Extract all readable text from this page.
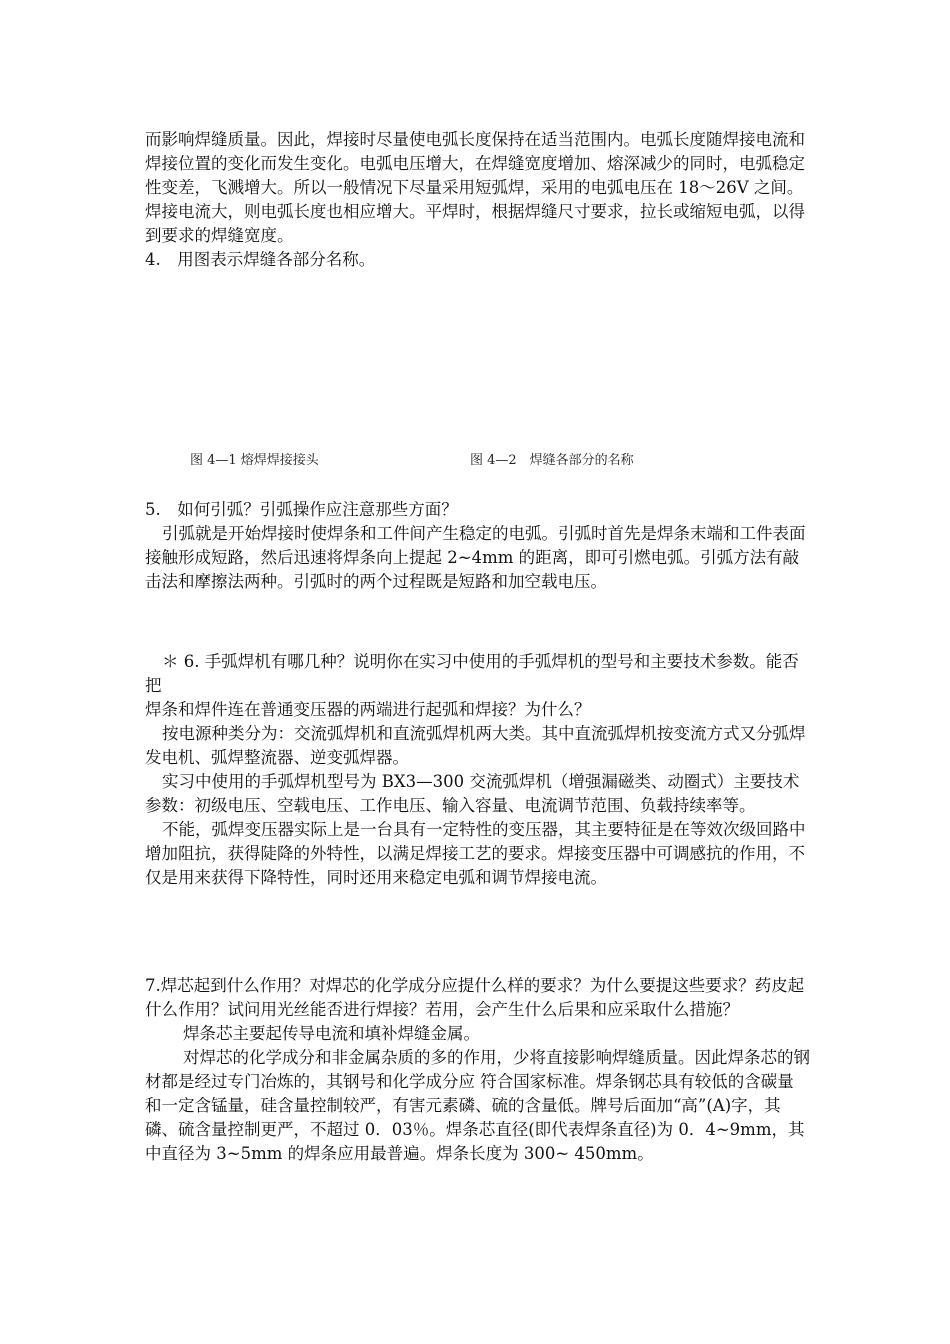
而影响焊缝质量。因此，焊接时尽量使电弧长度保持在适当范围内。电弧长度随焊接电流和焊接位置的变化而发生变化。电弧电压增大，在焊缝宽度增加、熔深减少的同时，电弧稳定性变差，飞溅增大。所以一般情况下尽量采用短弧焊，采用的电弧电压在 18～26V 之间。焊接电流大，则电弧长度也相应增大。平焊时，根据焊缝尺寸要求，拉长或缩短电弧，以得到要求的焊缝宽度。

4.　用图表示焊缝各部分名称。

图 4—1 熔焊焊接接头	图 4—2　焊缝各部分的名称

5.　如何引弧？引弧操作应注意那些方面？

引弧就是开始焊接时使焊条和工件间产生稳定的电弧。引弧时首先是焊条末端和工件表面接触形成短路，然后迅速将焊条向上提起 2~4mm 的距离，即可引燃电弧。引弧方法有敲击法和摩擦法两种。引弧时的两个过程既是短路和加空载电压。

＊ 6. 手弧焊机有哪几种？说明你在实习中使用的手弧焊机的型号和主要技术参数。能否把

焊条和焊件连在普通变压器的两端进行起弧和焊接？为什么？

按电源种类分为：交流弧焊机和直流弧焊机两大类。其中直流弧焊机按变流方式又分弧焊发电机、弧焊整流器、逆变弧焊器。

实习中使用的手弧焊机型号为 BX3—300 交流弧焊机（增强漏磁类、动圈式）主要技术参数：初级电压、空载电压、工作电压、输入容量、电流调节范围、负载持续率等。

不能，弧焊变压器实际上是一台具有一定特性的变压器，其主要特征是在等效次级回路中增加阻抗，获得陡降的外特性，以满足焊接工艺的要求。焊接变压器中可调感抗的作用，不仅是用来获得下降特性，同时还用来稳定电弧和调节焊接电流。

7.焊芯起到什么作用？对焊芯的化学成分应提什么样的要求？为什么要提这些要求？药皮起什么作用？试问用光丝能否进行焊接？若用，会产生什么后果和应采取什么措施？

焊条芯主要起传导电流和填补焊缝金属。

对焊芯的化学成分和非金属杂质的多的作用，少将直接影响焊缝质量。因此焊条芯的钢材都是经过专门冶炼的，其钢号和化学成分应 符合国家标准。焊条钢芯具有较低的含碳量和一定含锰量，硅含量控制较严，有害元素磷、硫的含量低。牌号后面加“高”(A)字，其磷、硫含量控制更严，不超过 0．03％。焊条芯直径(即代表焊条直径)为 0．4~9mm，其中直径为 3~5mm 的焊条应用最普遍。焊条长度为 300~ 450mm。
